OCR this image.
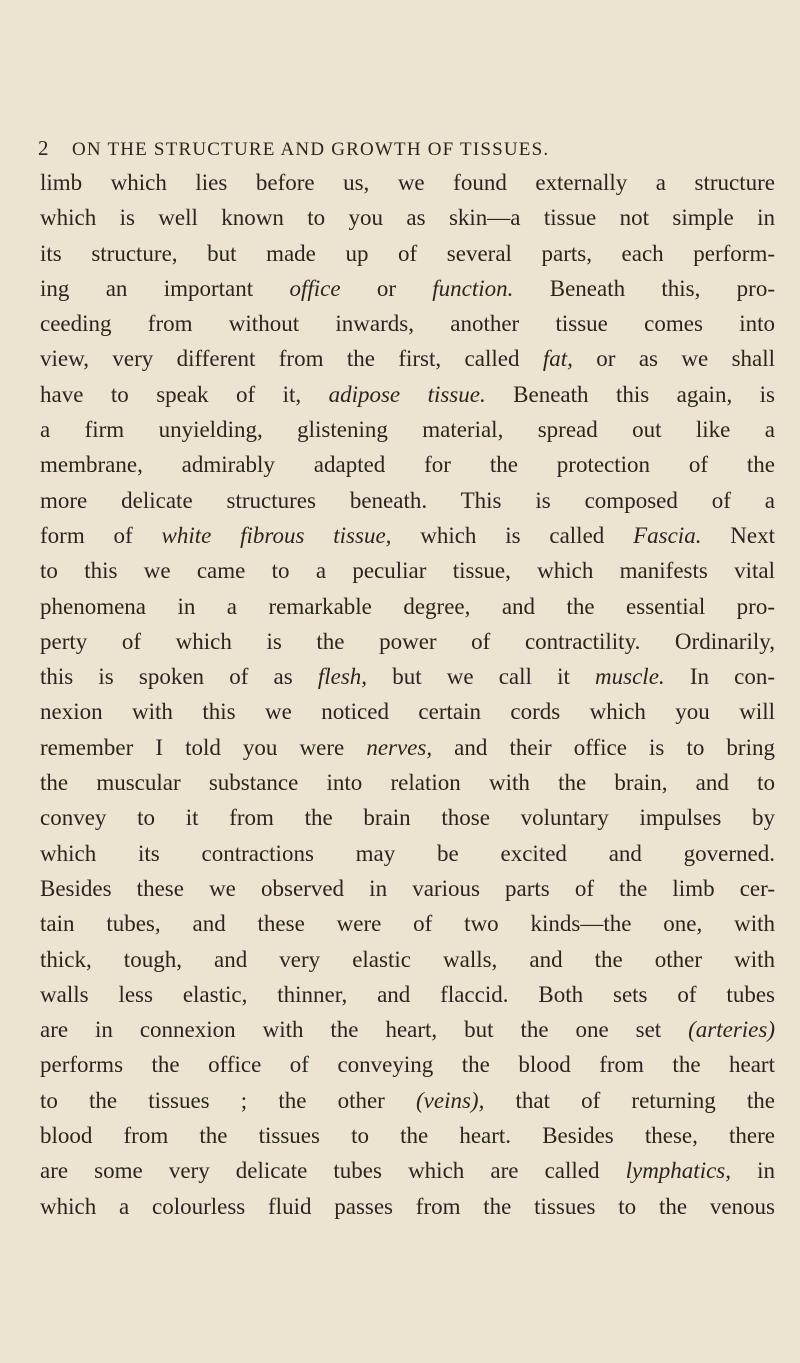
2 ON THE STRUCTURE AND GROWTH OF TISSUES.
limb which lies before us, we found externally a structure
which is well known to you as skin—a tissue not simple in
its structure, but made up of several parts, each perform-
ing an important office or function. Beneath this, pro-
ceeding from without inwards, another tissue comes into
view, very different from the first, called fat, or as we shall
have to speak of it, adipose tissue. Beneath this again, is
a firm unyielding, glistening material, spread out like a
membrane, admirably adapted for the protection of the
more delicate structures beneath. This is composed of a
form of white fibrous tissue, which is called Fascia. Next
to this we came to a peculiar tissue, which manifests vital
phenomena in a remarkable degree, and the essential pro-
perty of which is the power of contractility. Ordinarily,
this is spoken of as flesh, but we call it muscle. In con-
nexion with this we noticed certain cords which you will
remember I told you were nerves, and their office is to bring
the muscular substance into relation with the brain, and to
convey to it from the brain those voluntary impulses by
which its contractions may be excited and governed.
Besides these we observed in various parts of the limb cer-
tain tubes, and these were of two kinds—the one, with
thick, tough, and very elastic walls, and the other with
walls less elastic, thinner, and flaccid. Both sets of tubes
are in connexion with the heart, but the one set (arteries)
performs the office of conveying the blood from the heart
to the tissues ; the other (veins), that of returning the
blood from the tissues to the heart. Besides these, there
are some very delicate tubes which are called lymphatics, in
which a colourless fluid passes from the tissues to the venous
